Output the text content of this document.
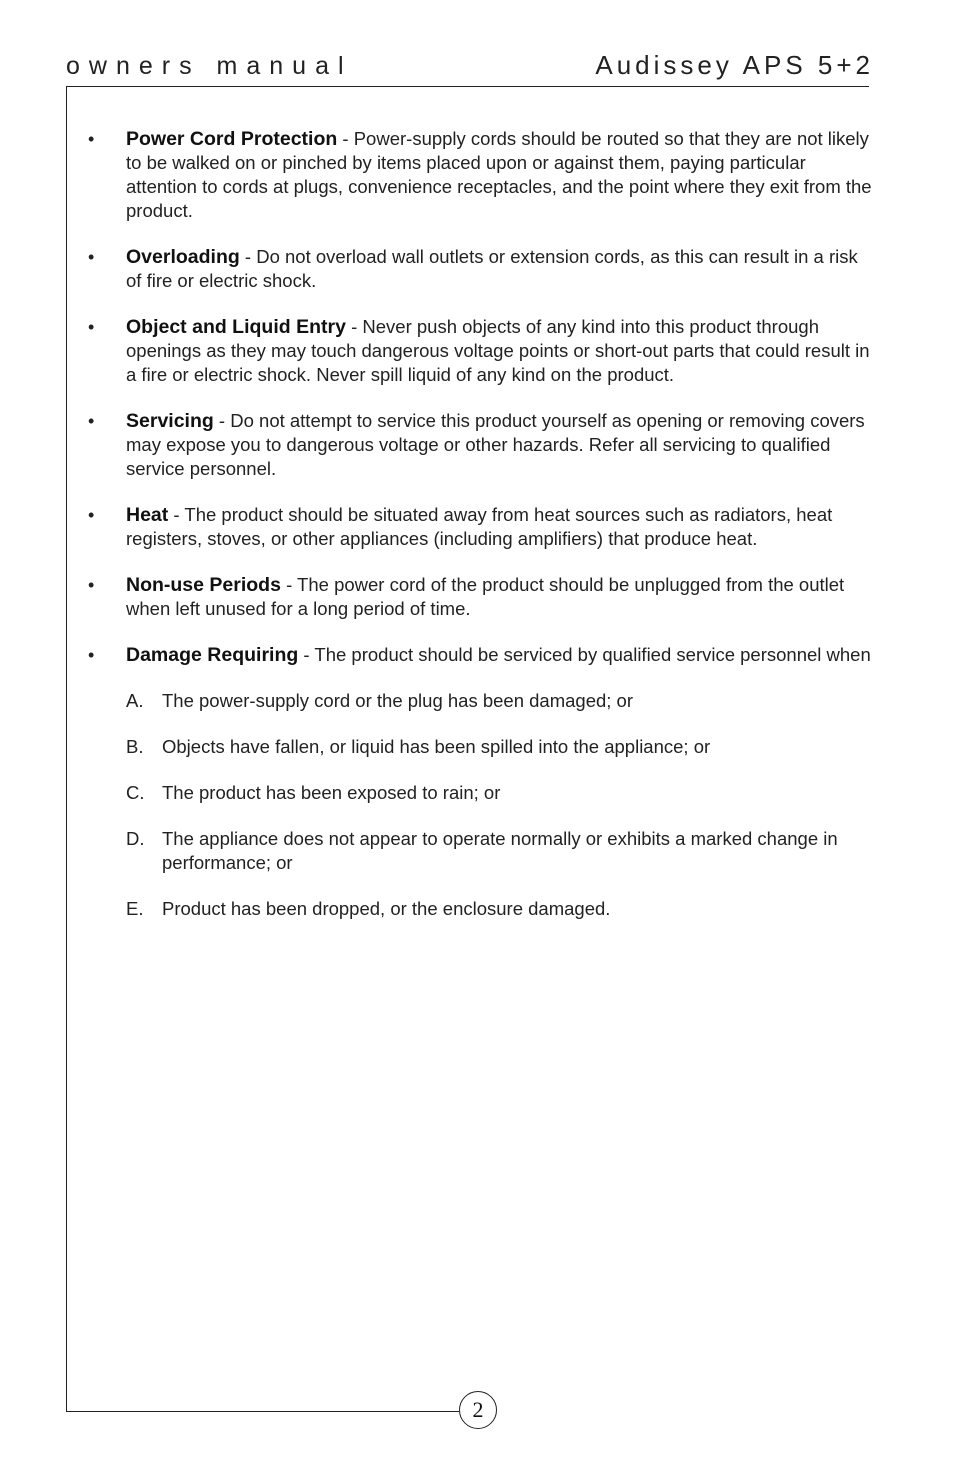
owners manual	Audissey APS 5+2
• Power Cord Protection - Power-supply cords should be routed so that they are not likely to be walked on or pinched by items placed upon or against them, paying particular attention to cords at plugs, convenience receptacles, and the point where they exit from the product.
• Overloading - Do not overload wall outlets or extension cords, as this can result in a risk of fire or electric shock.
• Object and Liquid Entry - Never push objects of any kind into this product through openings as they may touch dangerous voltage points or short-out parts that could result in a fire or electric shock. Never spill liquid of any kind on the product.
• Servicing - Do not attempt to service this product yourself as opening or removing covers may expose you to dangerous voltage or other hazards. Refer all servicing to qualified service personnel.
• Heat - The product should be situated away from heat sources such as radiators, heat registers, stoves, or other appliances (including amplifiers) that produce heat.
• Non-use Periods - The power cord of the product should be unplugged from the outlet when left unused for a long period of time.
• Damage Requiring - The product should be serviced by qualified service personnel when
A. The power-supply cord or the plug has been damaged; or
B. Objects have fallen, or liquid has been spilled into the appliance; or
C. The product has been exposed to rain; or
D. The appliance does not appear to operate normally or exhibits a marked change in performance; or
E. Product has been dropped, or the enclosure damaged.
2
